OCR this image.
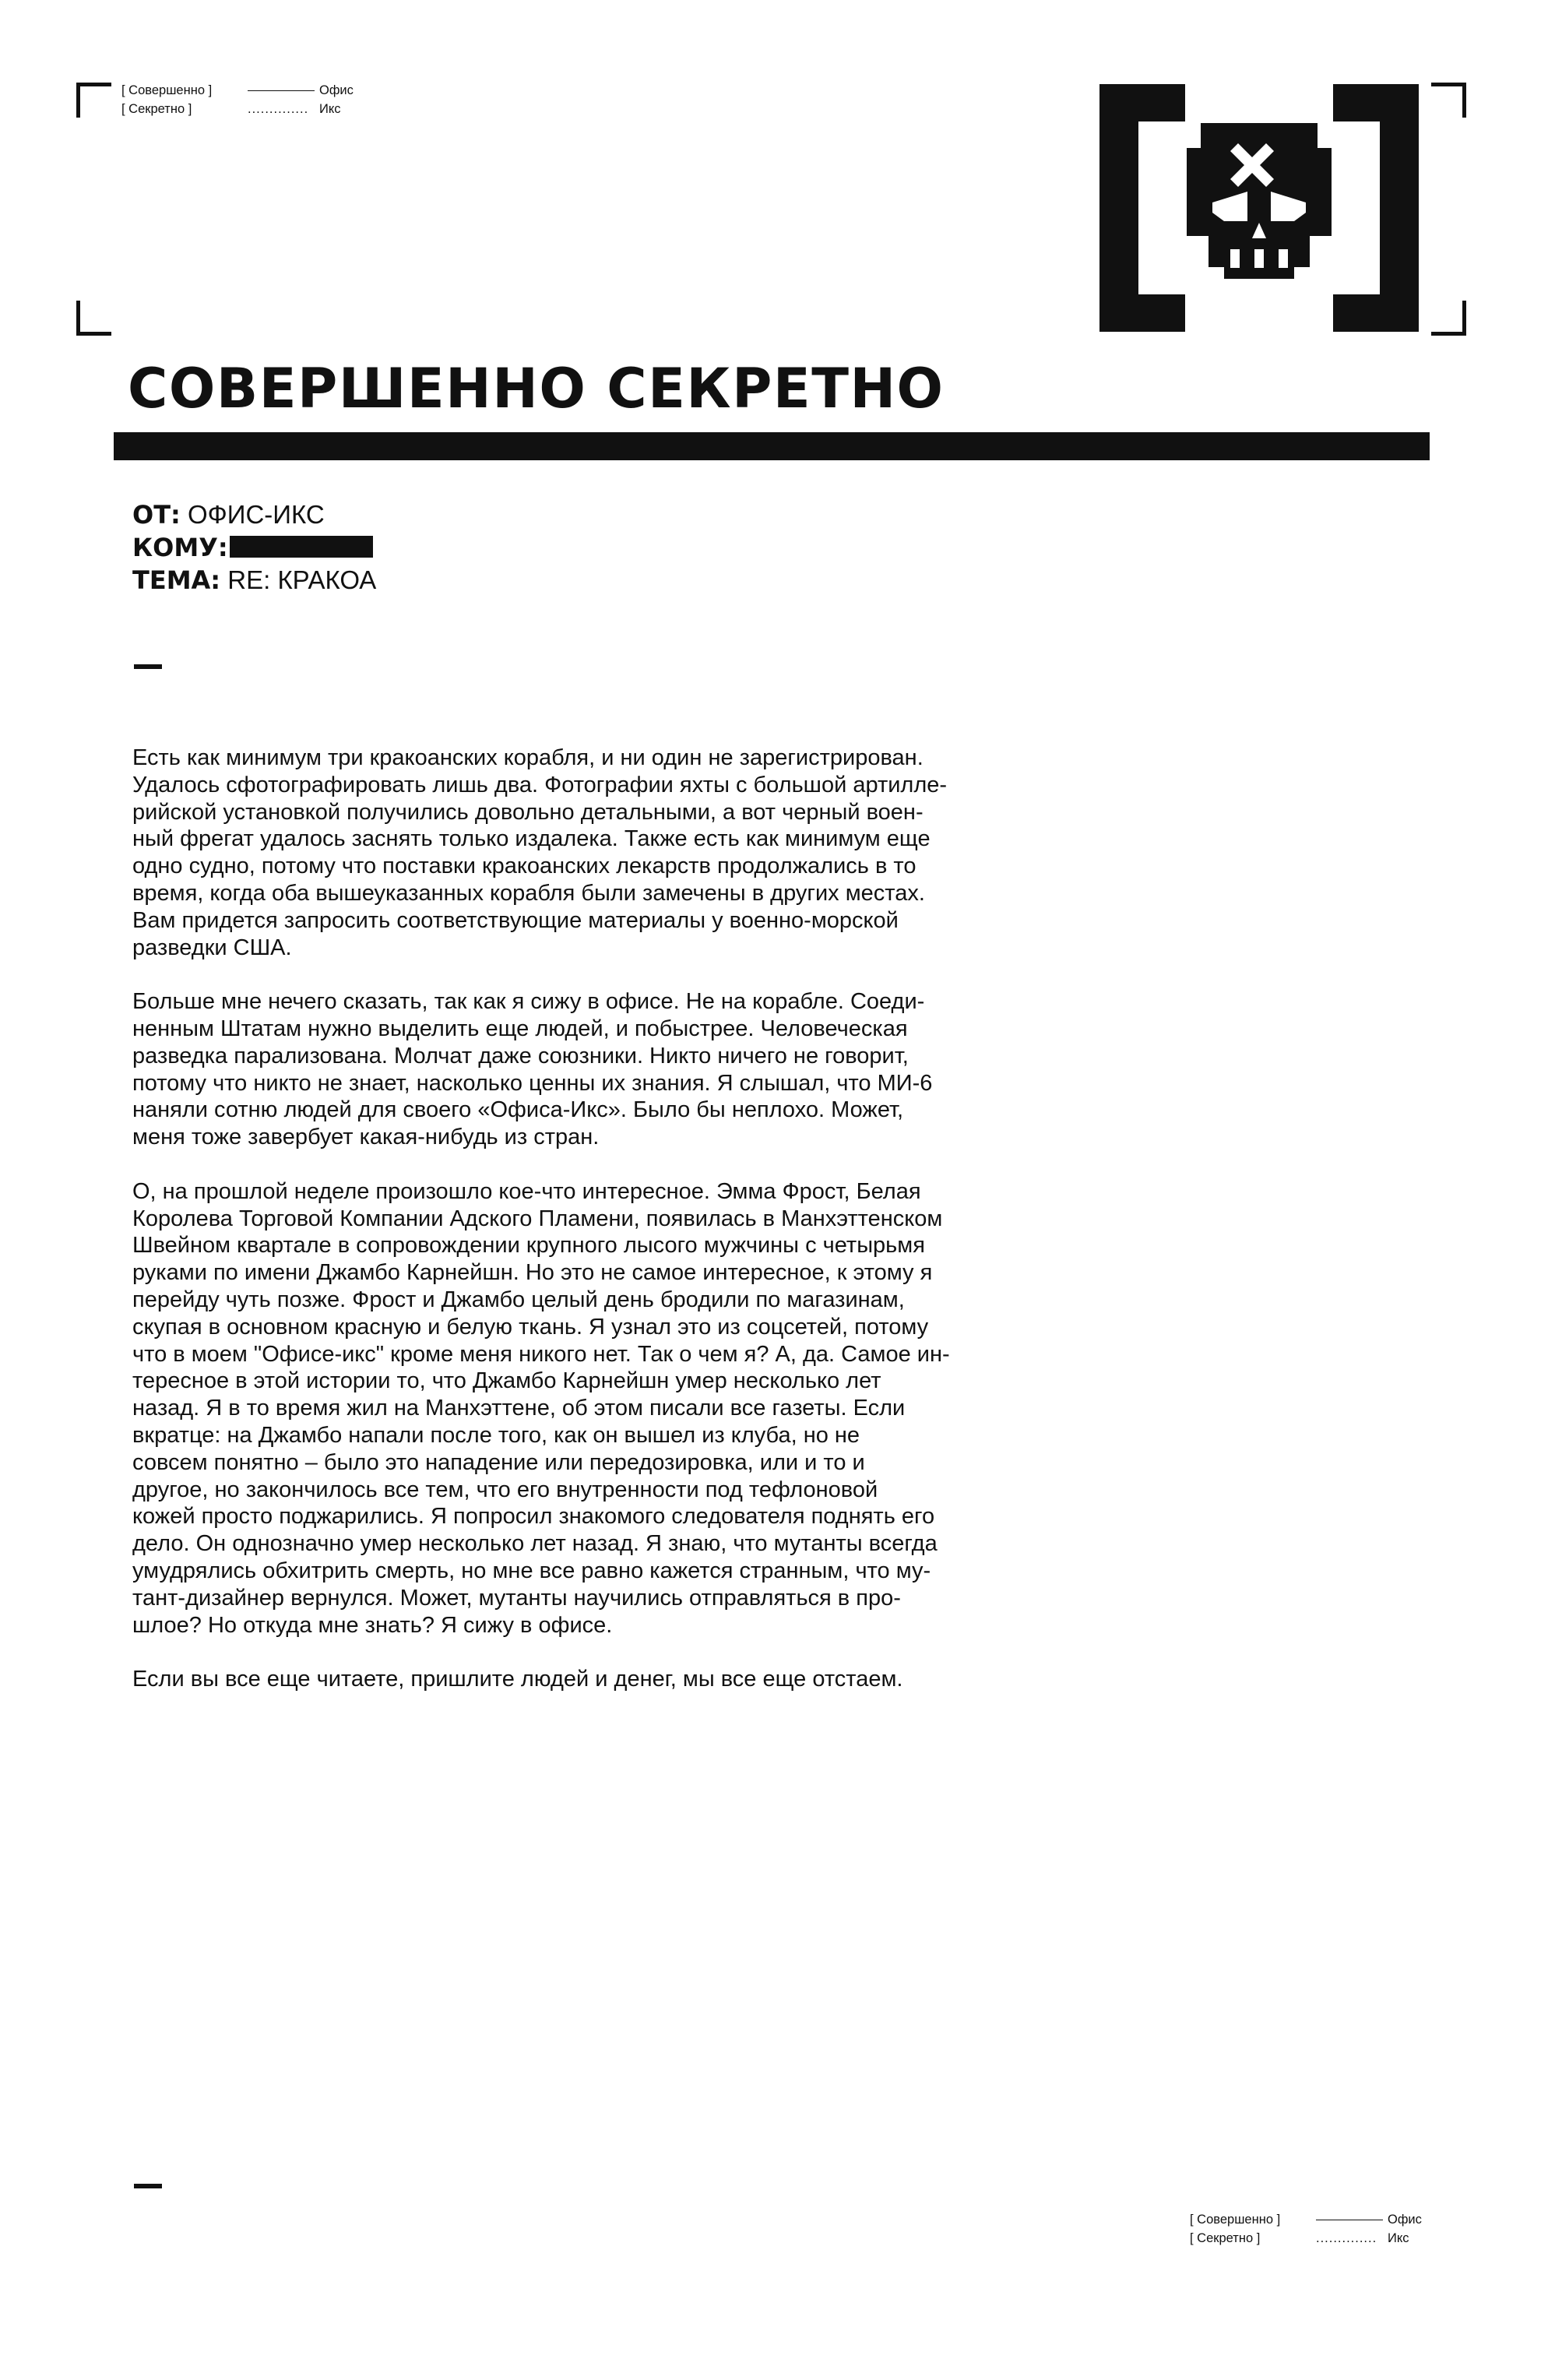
[ Совершенно ]	Офис
[ Секретно ]	.............. Икс
СОВЕРШЕННО СЕКРЕТНО
ОТ: ОФИС-ИКС
КОМУ:
ТЕМА: RE: КРАКОА

Есть как минимум три кракоанских корабля, и ни один не зарегистрирован.
Удалось сфотографировать лишь два. Фотографии яхты с большой артилле-
рийской установкой получились довольно детальными, а вот черный воен-
ный фрегат удалось заснять только издалека. Также есть как минимум еще
одно судно, потому что поставки кракоанских лекарств продолжались в то
время, когда оба вышеуказанных корабля были замечены в других местах.
Вам придется запросить соответствующие материалы у военно-морской
разведки США.

Больше мне нечего сказать, так как я сижу в офисе. Не на корабле. Соеди-
ненным Штатам нужно выделить еще людей, и побыстрее. Человеческая
разведка парализована. Молчат даже союзники. Никто ничего не говорит,
потому что никто не знает, насколько ценны их знания. Я слышал, что МИ-6
наняли сотню людей для своего «Офиса-Икс». Было бы неплохо. Может,
меня тоже завербует какая-нибудь из стран.

О, на прошлой неделе произошло кое-что интересное. Эмма Фрост, Белая
Королева Торговой Компании Адского Пламени, появилась в Манхэттенском
Швейном квартале в сопровождении крупного лысого мужчины с четырьмя
руками по имени Джамбо Карнейшн. Но это не самое интересное, к этому я
перейду чуть позже. Фрост и Джамбо целый день бродили по магазинам,
скупая в основном красную и белую ткань. Я узнал это из соцсетей, потому
что в моем "Офисе-икс" кроме меня никого нет. Так о чем я? А, да. Самое ин-
тересное в этой истории то, что Джамбо Карнейшн умер несколько лет
назад. Я в то время жил на Манхэттене, об этом писали все газеты. Если
вкратце: на Джамбо напали после того, как он вышел из клуба, но не
совсем понятно – было это нападение или передозировка, или и то и
другое, но закончилось все тем, что его внутренности под тефлоновой
кожей просто поджарились. Я попросил знакомого следователя поднять его
дело. Он однозначно умер несколько лет назад. Я знаю, что мутанты всегда
умудрялись обхитрить смерть, но мне все равно кажется странным, что му-
тант-дизайнер вернулся. Может, мутанты научились отправляться в про-
шлое? Но откуда мне знать? Я сижу в офисе.

Если вы все еще читаете, пришлите людей и денег, мы все еще отстаем.

[ Совершенно ]	Офис
[ Секретно ]	.............. Икс
